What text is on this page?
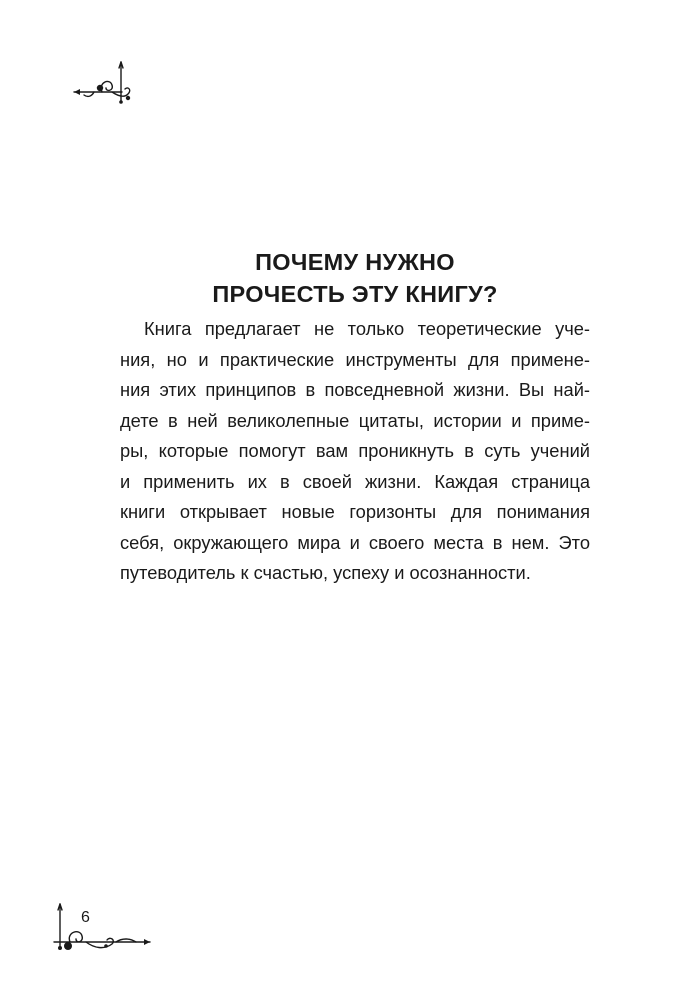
ПОЧЕМУ НУЖНО
ПРОЧЕСТЬ ЭТУ КНИГУ?

Книга предлагает не только теоретические уче-
ния, но и практические инструменты для примене-
ния этих принципов в повседневной жизни. Вы най-
дете в ней великолепные цитаты, истории и приме-
ры, которые помогут вам проникнуть в суть учений
и применить их в своей жизни. Каждая страница
книги открывает новые горизонты для понимания
себя, окружающего мира и своего места в нем. Это
путеводитель к счастью, успеху и осознанности.

6
